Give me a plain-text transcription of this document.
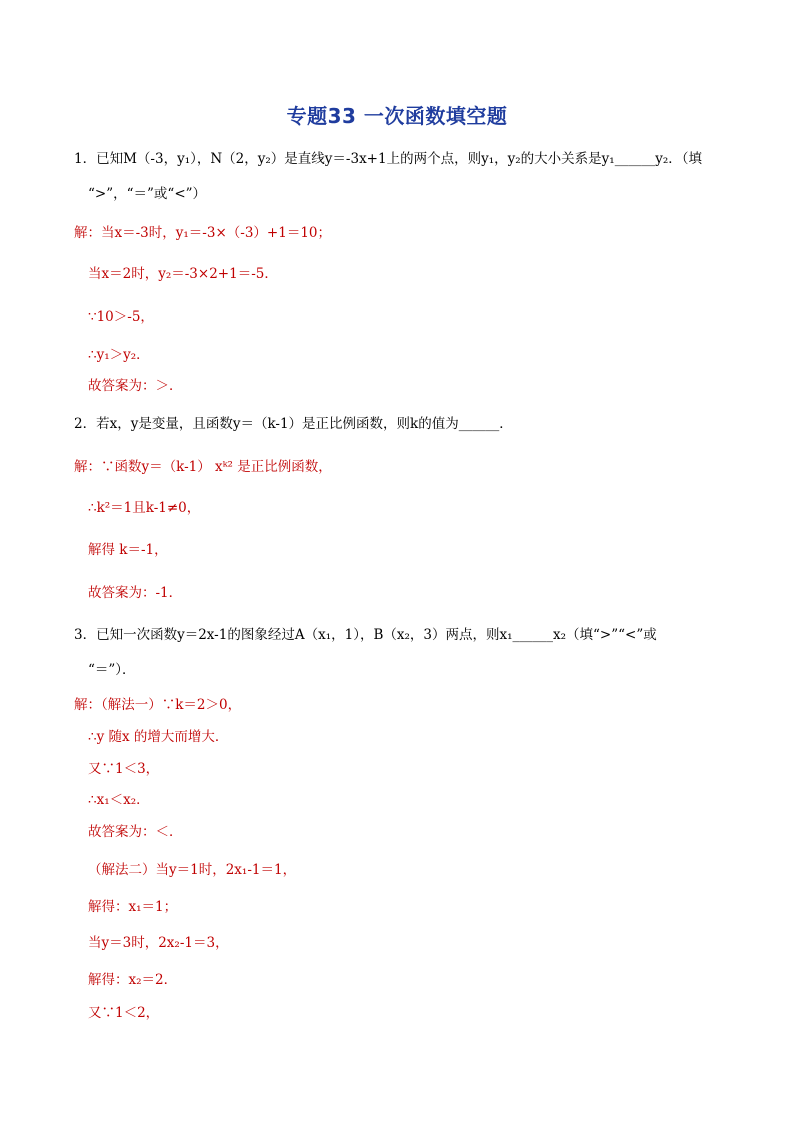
专题33 一次函数填空题
1．已知M（-3，y₁），N（2，y₂）是直线y＝-3x+1上的两个点，则y₁，y₂的大小关系是y₁______y₂．（填
“>”，“＝”或“<”）
解：当x＝-3时，y₁＝-3×（-3）+1＝10；
当x＝2时，y₂＝-3×2+1＝-5．
∵10＞-5，
∴y₁＞y₂．
故答案为：＞．
2．若x，y是变量，且函数y＝（k-1）是正比例函数，则k的值为______．
解：∵函数y＝（k-1） xᵏ² 是正比例函数，
∴k²＝1且k-1≠0，
解得 k＝-1，
故答案为：-1．
3．已知一次函数y＝2x-1的图象经过A（x₁，1），B（x₂，3）两点，则x₁______x₂（填“>”“<”或
“＝”）．
解：（解法一）∵k＝2＞0，
∴y 随x 的增大而增大．
又∵1＜3，
∴x₁＜x₂．
故答案为：＜．
（解法二）当y＝1时，2x₁-1＝1，
解得：x₁＝1；
当y＝3时，2x₂-1＝3，
解得：x₂＝2．
又∵1＜2，
